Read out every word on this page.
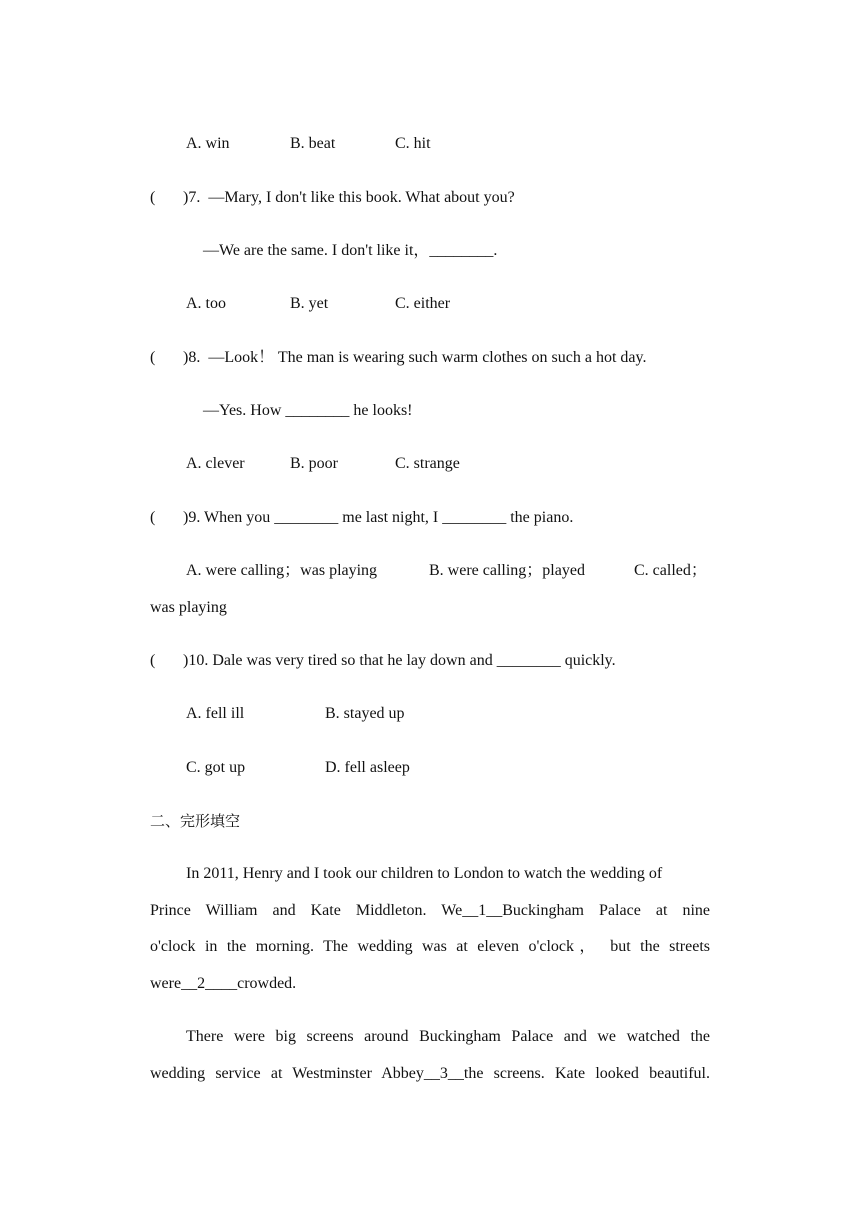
A. win	B. beat	C. hit
( )7.  —Mary, I don't like this book. What about you?
—We are the same. I don't like it，________.
A. too	B. yet	C. either
( )8.  —Look！ The man is wearing such warm clothes on such a hot day.
—Yes. How ________ he looks!
A. clever	B. poor	C. strange
( )9. When you ________ me last night, I ________ the piano.
A. were calling；was playing	B. were calling；played	C. called；
was playing
( )10. Dale was very tired so that he lay down and ________ quickly.
A. fell ill	B. stayed up
C. got up	D. fell asleep
二、完形填空
In 2011, Henry and I took our children to London to watch the wedding of
Prince William and Kate Middleton. We__1__Buckingham Palace at nine
o'clock in the morning. The wedding was at eleven o'clock， but the streets
were__2____crowded.
There were big screens around Buckingham Palace and we watched the
wedding service at Westminster Abbey__3__the screens. Kate looked beautiful.
